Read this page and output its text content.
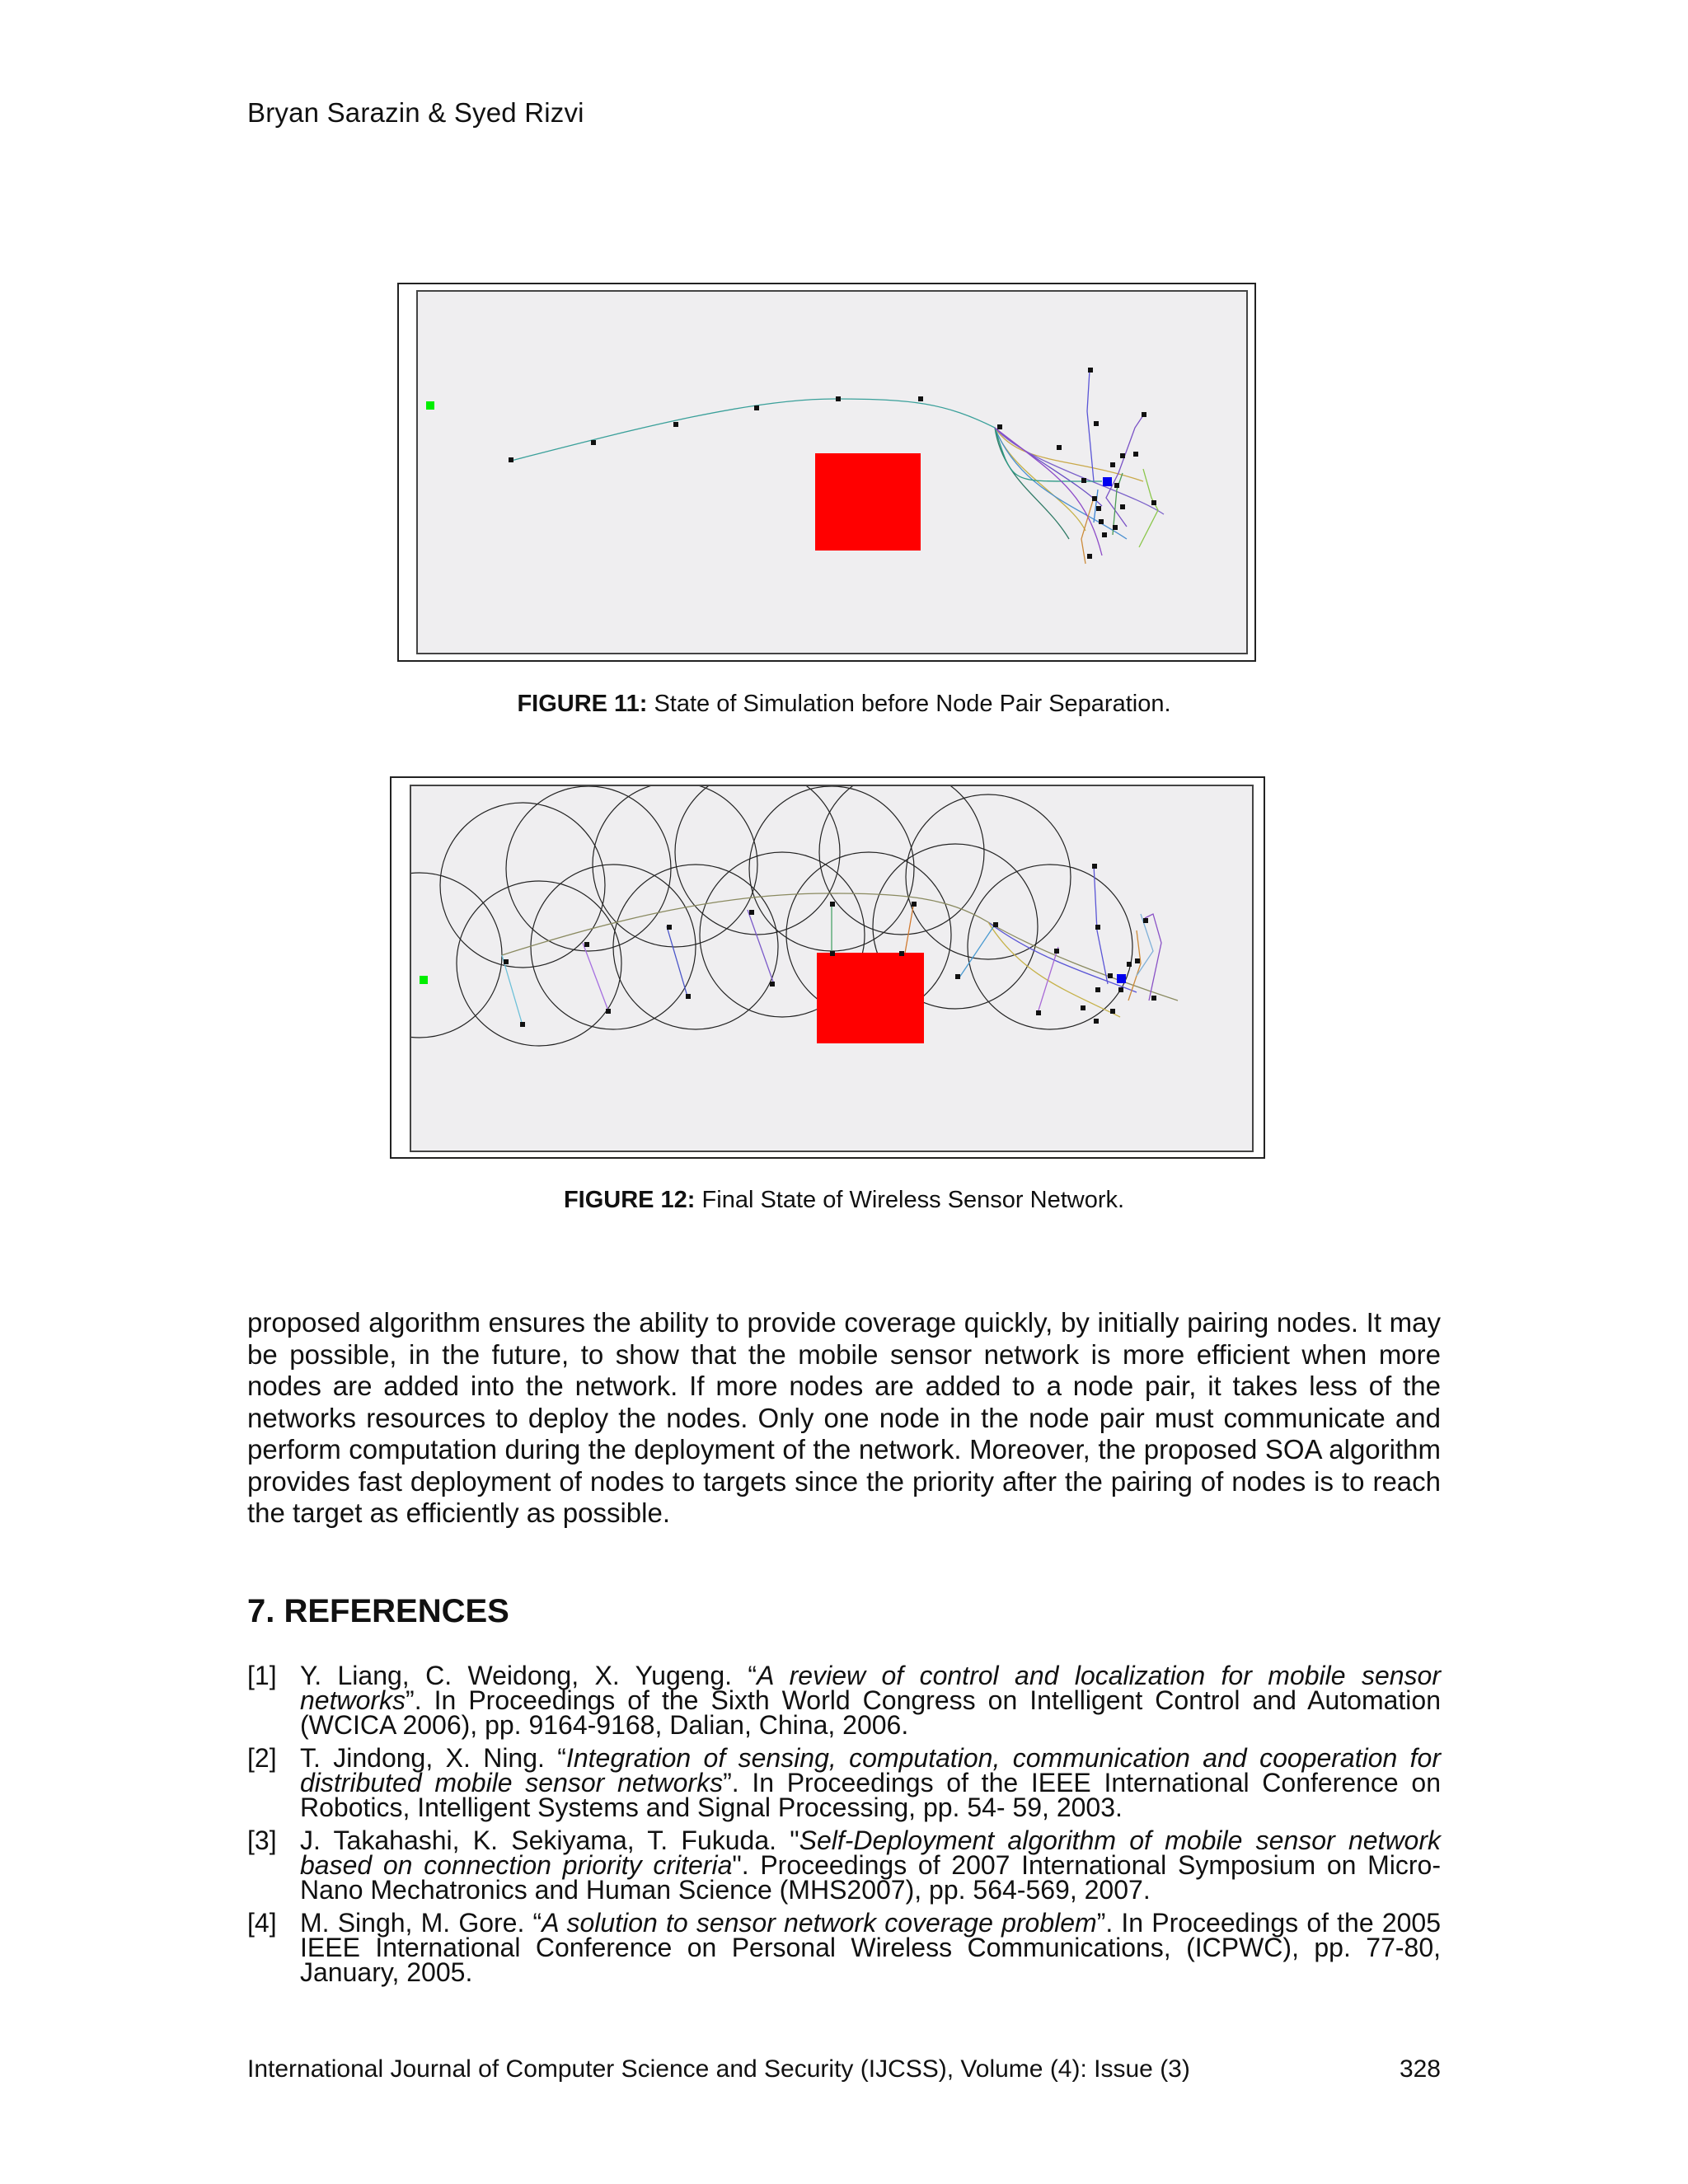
Bryan Sarazin & Syed Rizvi
FIGURE 11: State of Simulation before Node Pair Separation.
FIGURE 12: Final State of Wireless Sensor Network.
proposed algorithm ensures the ability to provide coverage quickly, by initially pairing nodes. It may be possible, in the future, to show that the mobile sensor network is more efficient when more nodes are added into the network. If more nodes are added to a node pair, it takes less of the networks resources to deploy the nodes. Only one node in the node pair must communicate and perform computation during the deployment of the network. Moreover, the proposed SOA algorithm provides fast deployment of nodes to targets since the priority after the pairing of nodes is to reach the target as efficiently as possible.
7. REFERENCES
[1] Y. Liang, C. Weidong, X. Yugeng. “A review of control and localization for mobile sensor networks”. In Proceedings of the Sixth World Congress on Intelligent Control and Automation (WCICA 2006), pp. 9164-9168, Dalian, China, 2006.
[2] T. Jindong, X. Ning. “Integration of sensing, computation, communication and cooperation for distributed mobile sensor networks”. In Proceedings of the IEEE International Conference on Robotics, Intelligent Systems and Signal Processing, pp. 54- 59, 2003.
[3] J. Takahashi, K. Sekiyama, T. Fukuda. "Self-Deployment algorithm of mobile sensor network based on connection priority criteria". Proceedings of 2007 International Symposium on Micro-Nano Mechatronics and Human Science (MHS2007), pp. 564-569, 2007.
[4] M. Singh, M. Gore. “A solution to sensor network coverage problem”. In Proceedings of the 2005 IEEE International Conference on Personal Wireless Communications, (ICPWC), pp. 77-80, January, 2005.
International Journal of Computer Science and Security (IJCSS), Volume (4): Issue (3)	328
